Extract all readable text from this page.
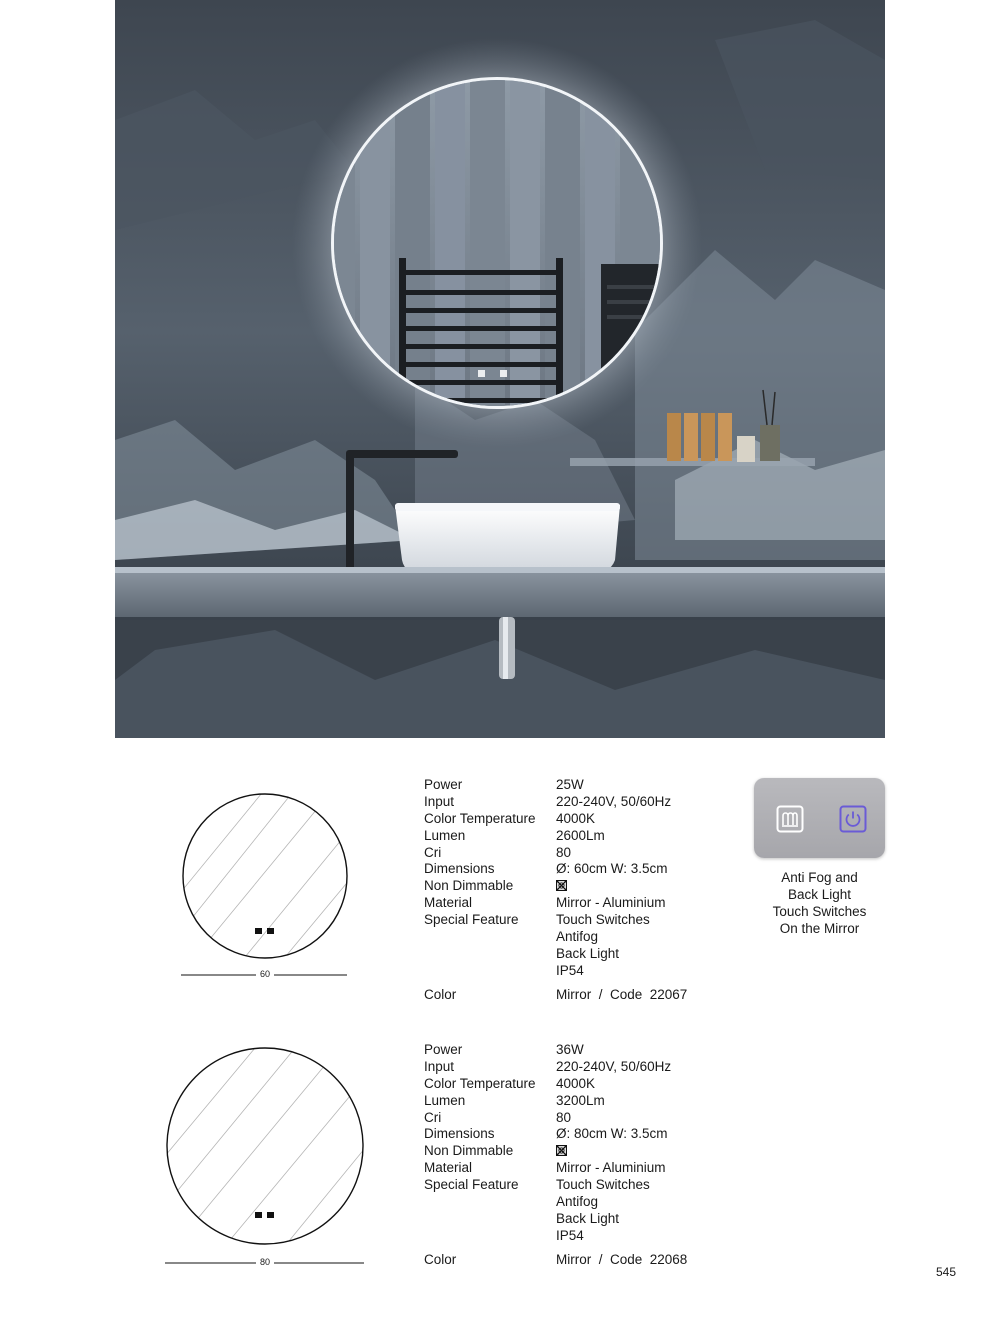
60
80
Power	25W
Input	220-240V, 50/60Hz
Color Temperature 4000K
Lumen	2600Lm
Cri	80
Dimensions	Ø: 60cm W: 3.5cm
Non Dimmable
Material	Mirror - Aluminium
Special Feature	Touch Switches
Antifog
Back Light
IP54
Color	Mirror  /  Code  22067
Power	36W
Input	220-240V, 50/60Hz
Color Temperature 4000K
Lumen	3200Lm
Cri	80
Dimensions	Ø: 80cm W: 3.5cm
Non Dimmable
Material	Mirror - Aluminium
Special Feature	Touch Switches
Antifog
Back Light
IP54
Color	Mirror  /  Code  22068
Anti Fog and
Back Light
Touch Switches
On the Mirror
545
